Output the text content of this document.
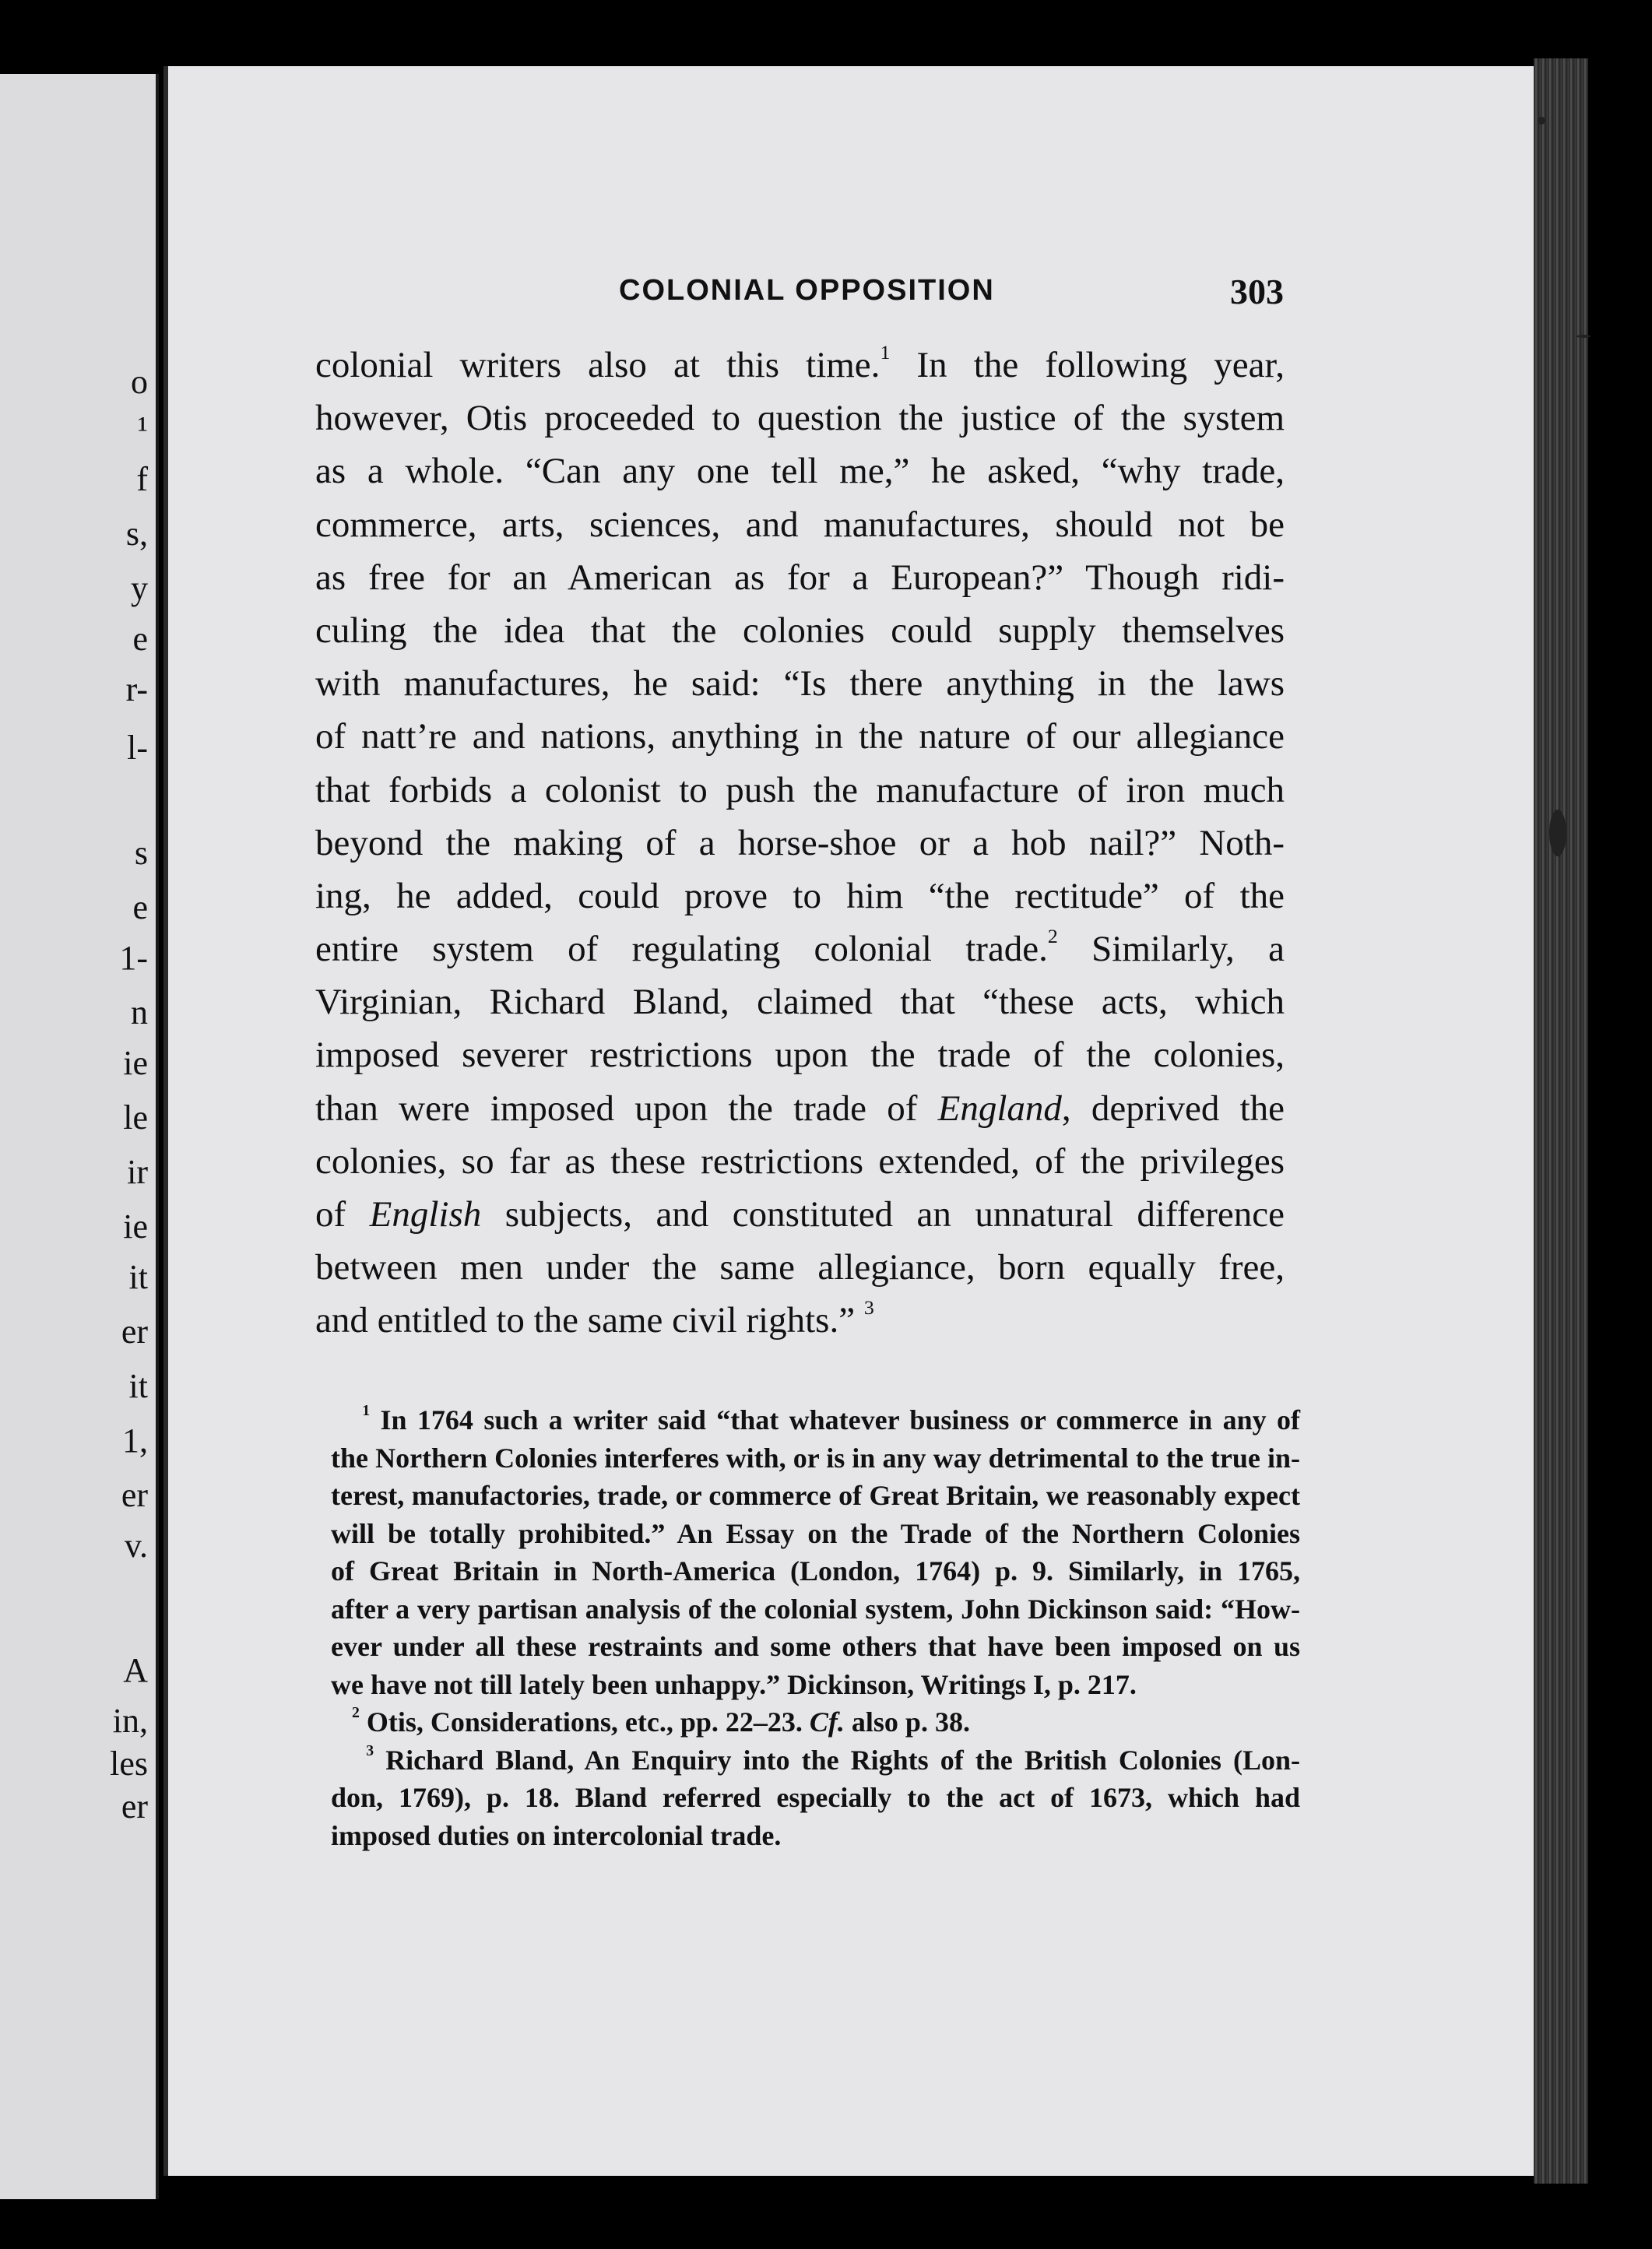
o
¹
f
s,
y
e
r-
l-
s
e
1-
n
ie
le
ir
ie
it
er
it
1,
er
v.
A
in,
les
er
COLONIAL OPPOSITION	303
colonial writers also at this time.$^1$ In the following year,
however, Otis proceeded to question the justice of the system
as a whole. “Can any one tell me,” he asked, “why trade,
commerce, arts, sciences, and manufactures, should not be
as free for an American as for a European?” Though ridi-
culing the idea that the colonies could supply themselves
with manufactures, he said: “Is there anything in the laws
of natt’re and nations, anything in the nature of our allegiance
that forbids a colonist to push the manufacture of iron much
beyond the making of a horse-shoe or a hob nail?” Noth-
ing, he added, could prove to him “the rectitude” of the
entire system of regulating colonial trade.$^2$ Similarly, a
Virginian, Richard Bland, claimed that “these acts, which
imposed severer restrictions upon the trade of the colonies,
than were imposed upon the trade of England, deprived the
colonies, so far as these restrictions extended, of the privileges
of English subjects, and constituted an unnatural difference
between men under the same allegiance, born equally free,
and entitled to the same civil rights.” $^3$
$^1$ In 1764 such a writer said “that whatever business or commerce in any of
the Northern Colonies interferes with, or is in any way detrimental to the true in-
terest, manufactories, trade, or commerce of Great Britain, we reasonably expect
will be totally prohibited.” An Essay on the Trade of the Northern Colonies
of Great Britain in North-America (London, 1764) p. 9. Similarly, in 1765,
after a very partisan analysis of the colonial system, John Dickinson said: “How-
ever under all these restraints and some others that have been imposed on us
we have not till lately been unhappy.” Dickinson, Writings I, p. 217.
$^2$ Otis, Considerations, etc., pp. 22–23. Cf. also p. 38.
$^3$ Richard Bland, An Enquiry into the Rights of the British Colonies (Lon-
don, 1769), p. 18. Bland referred especially to the act of 1673, which had
imposed duties on intercolonial trade.
